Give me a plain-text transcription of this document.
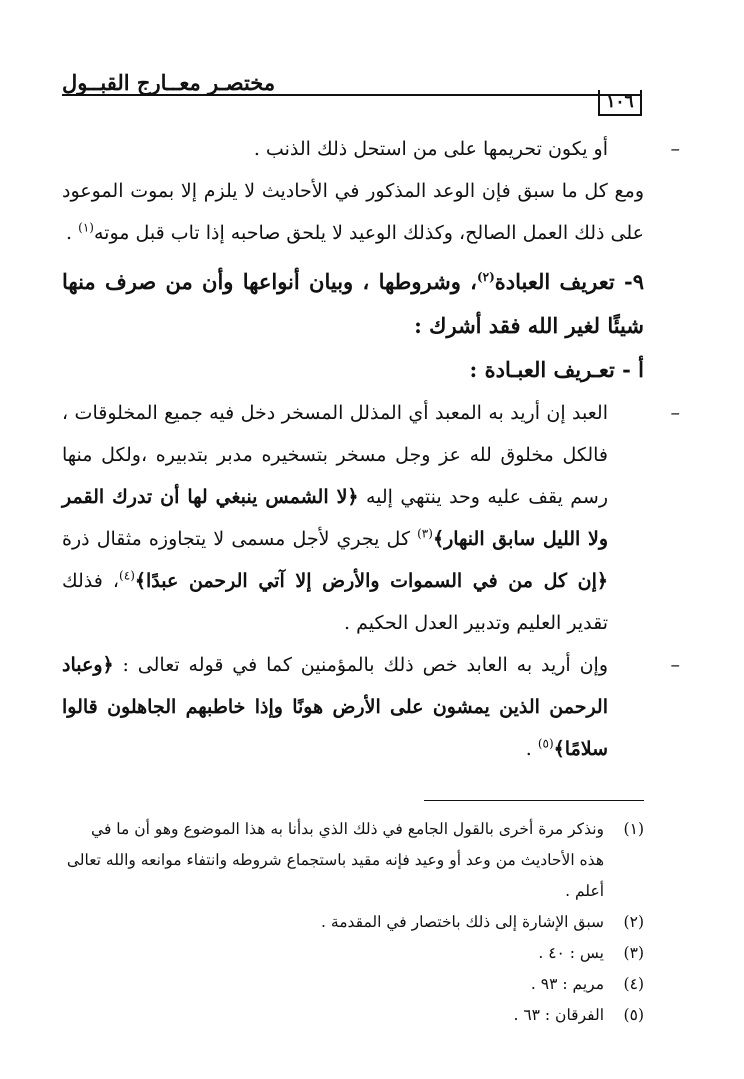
مختصـر معــارج القبــول
١٠٦

–أو يكون تحريمها على من استحل ذلك الذنب .

ومع كل ما سبق فإن الوعد المذكور في الأحاديث لا يلزم إلا بموت الموعود على ذلك العمل الصالح، وكذلك الوعيد لا يلحق صاحبه إذا تاب قبل موته$^{(١)}$ .

٩- تعريف العبادة$^{(٢)}$، وشروطها ، وبيان أنواعها وأن من صرف منها شيئًا لغير الله فقد أشرك :

أ - تعـريف العبـادة :

–العبد إن أريد به المعبد أي المذلل المسخر دخل فيه جميع المخلوقات ، فالكل مخلوق لله عز وجل مسخر بتسخيره مدبر بتدبيره ،ولكل منها رسم يقف عليه وحد ينتهي إليه ﴿لا الشمس ينبغي لها أن تدرك القمر ولا الليل سابق النهار﴾$^{(٣)}$ كل يجري لأجل مسمى لا يتجاوزه مثقال ذرة ﴿إن كل من في السموات والأرض إلا آتي الرحمن عبدًا﴾$^{(٤)}$، فذلك تقدير العليم وتدبير العدل الحكيم .

–وإن أريد به العابد خص ذلك بالمؤمنين كما في قوله تعالى : ﴿وعباد الرحمن الذين يمشون على الأرض هونًا وإذا خاطبهم الجاهلون قالوا سلامًا﴾$^{(٥)}$ .

(١)
ونذكر مرة أخرى بالقول الجامع في ذلك الذي بدأنا به هذا الموضوع وهو أن ما في هذه الأحاديث من وعد أو وعيد فإنه مقيد باستجماع شروطه وانتفاء موانعه والله تعالى أعلم .

(٢)
سبق الإشارة إلى ذلك باختصار في المقدمة .

(٣)
يس : ٤٠ .

(٤)
مريم : ٩٣ .

(٥)
الفرقان : ٦٣ .
